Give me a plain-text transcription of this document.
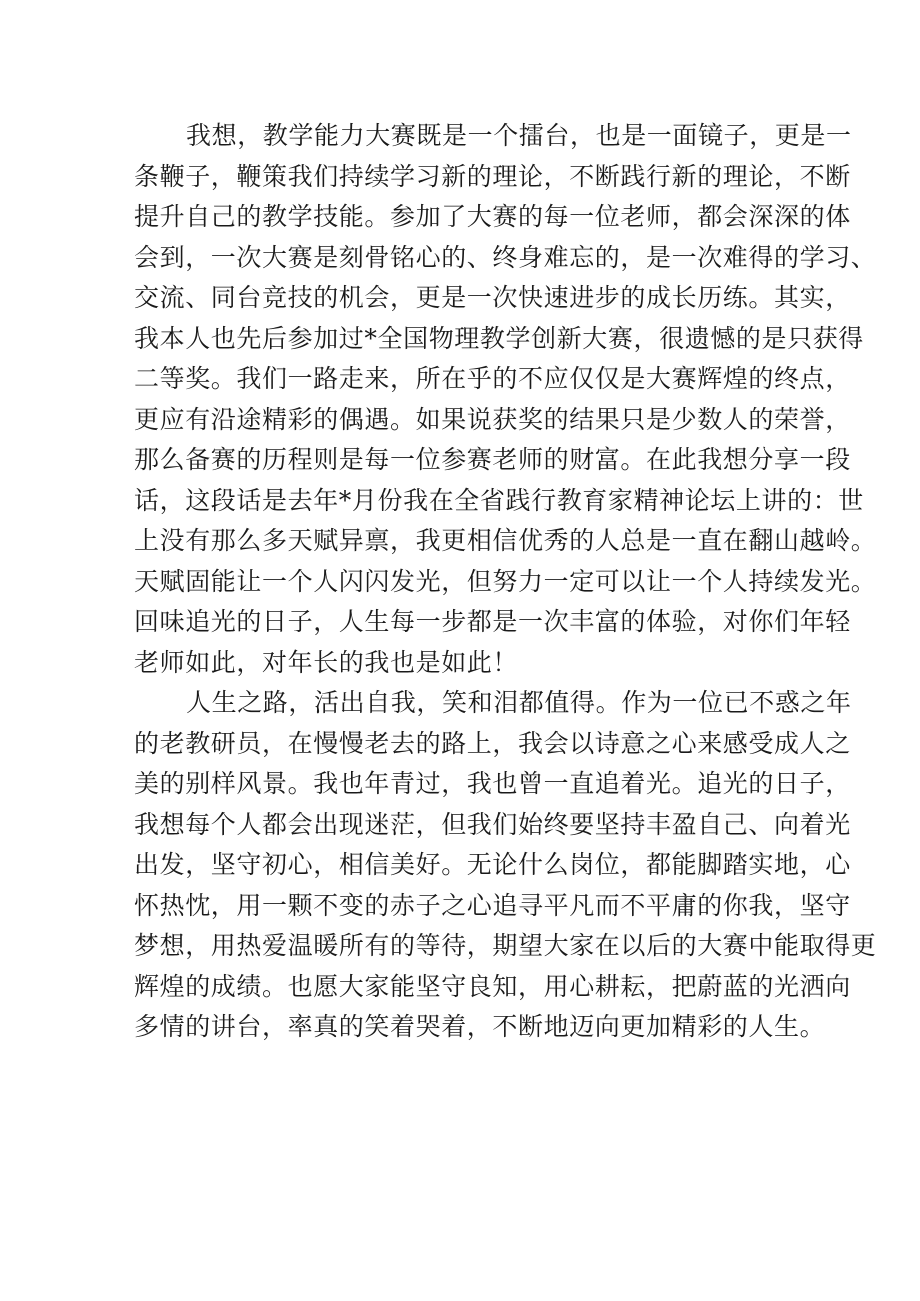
我想，教学能力大赛既是一个擂台，也是一面镜子，更是一
条鞭子，鞭策我们持续学习新的理论，不断践行新的理论，不断
提升自己的教学技能。参加了大赛的每一位老师，都会深深的体
会到，一次大赛是刻骨铭心的、终身难忘的，是一次难得的学习、
交流、同台竞技的机会，更是一次快速进步的成长历练。其实，
我本人也先后参加过*全国物理教学创新大赛，很遗憾的是只获得
二等奖。我们一路走来，所在乎的不应仅仅是大赛辉煌的终点，
更应有沿途精彩的偶遇。如果说获奖的结果只是少数人的荣誉，
那么备赛的历程则是每一位参赛老师的财富。在此我想分享一段
话，这段话是去年*月份我在全省践行教育家精神论坛上讲的：世
上没有那么多天赋异禀，我更相信优秀的人总是一直在翻山越岭。
天赋固能让一个人闪闪发光，但努力一定可以让一个人持续发光。
回味追光的日子，人生每一步都是一次丰富的体验，对你们年轻
老师如此，对年长的我也是如此！
人生之路，活出自我，笑和泪都值得。作为一位已不惑之年
的老教研员，在慢慢老去的路上，我会以诗意之心来感受成人之
美的别样风景。我也年青过，我也曾一直追着光。追光的日子，
我想每个人都会出现迷茫，但我们始终要坚持丰盈自己、向着光
出发，坚守初心，相信美好。无论什么岗位，都能脚踏实地，心
怀热忱，用一颗不变的赤子之心追寻平凡而不平庸的你我，坚守
梦想，用热爱温暖所有的等待，期望大家在以后的大赛中能取得更
辉煌的成绩。也愿大家能坚守良知，用心耕耘，把蔚蓝的光洒向
多情的讲台，率真的笑着哭着，不断地迈向更加精彩的人生。
